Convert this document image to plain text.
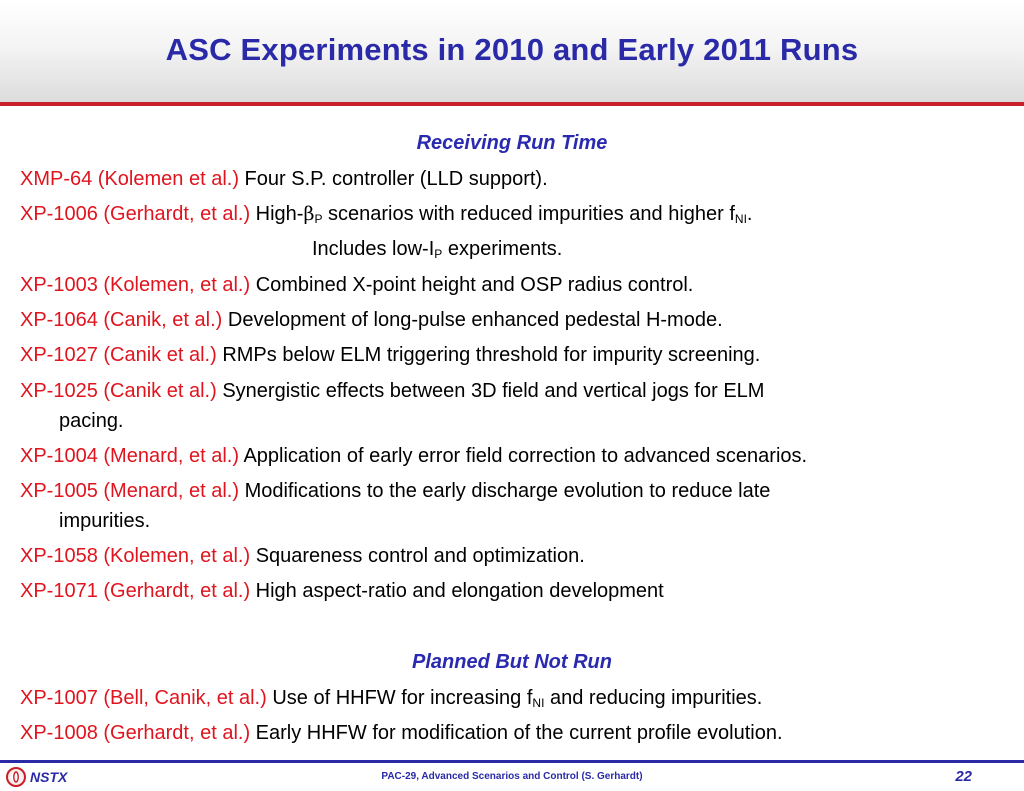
ASC Experiments in 2010 and Early 2011 Runs
Receiving Run Time
XMP-64 (Kolemen et al.) Four S.P. controller (LLD support).
XP-1006 (Gerhardt, et al.) High-$\beta_P$ scenarios with reduced impurities and higher $f_{NI}$.
Includes low-$I_P$ experiments.
XP-1003 (Kolemen, et al.) Combined X-point height and OSP radius control.
XP-1064 (Canik, et al.) Development of long-pulse enhanced pedestal H-mode.
XP-1027 (Canik et al.) RMPs below ELM triggering threshold for impurity screening.
XP-1025 (Canik et al.) Synergistic effects between 3D field and vertical jogs for ELM
pacing.
XP-1004 (Menard, et al.) Application of early error field correction to advanced scenarios.
XP-1005 (Menard, et al.) Modifications to the early discharge evolution to reduce late
impurities.
XP-1058 (Kolemen, et al.) Squareness control and optimization.
XP-1071 (Gerhardt, et al.) High aspect-ratio and elongation development
Planned But Not Run
XP-1007 (Bell, Canik, et al.) Use of HHFW for increasing $f_{NI}$ and reducing impurities.
XP-1008 (Gerhardt, et al.) Early HHFW for modification of the current profile evolution.
NSTX	PAC-29, Advanced Scenarios and Control (S. Gerhardt)	22
